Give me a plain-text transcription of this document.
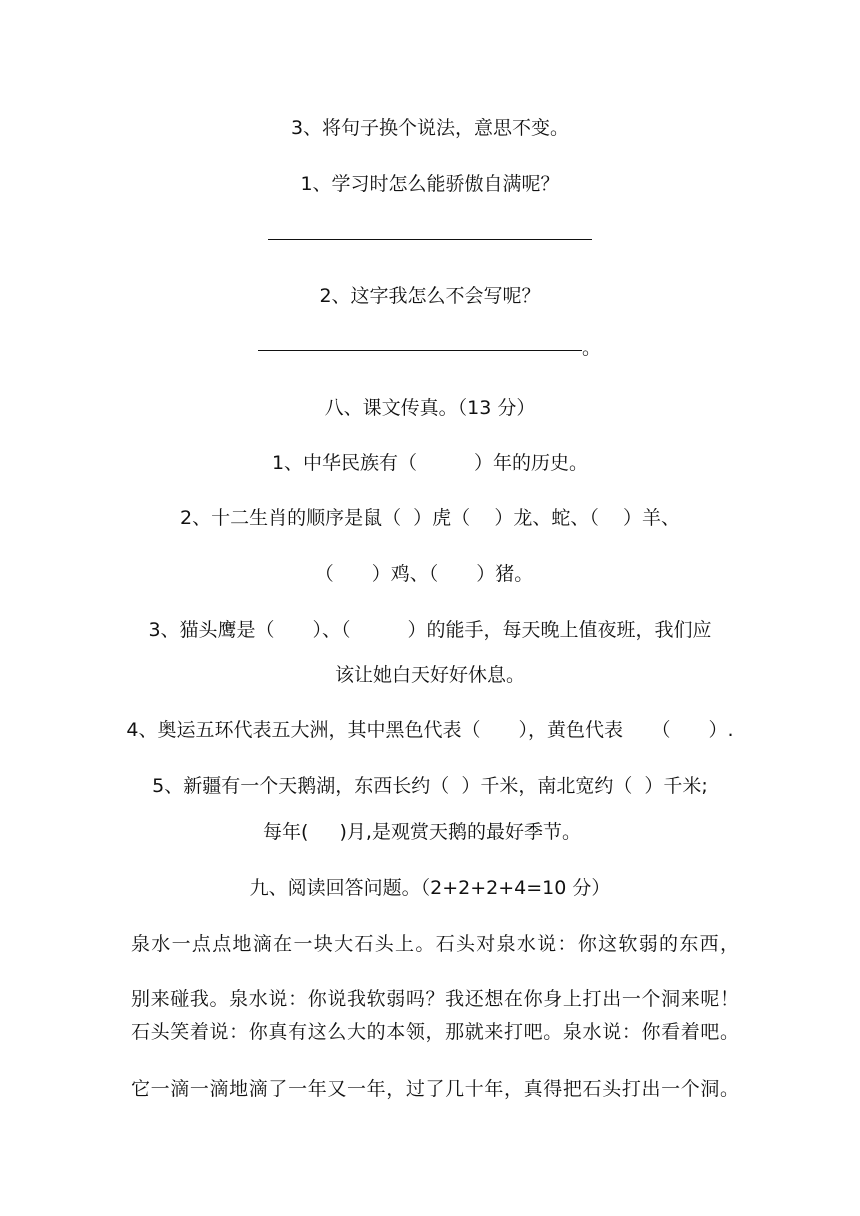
3、将句子换个说法，意思不变。
1、学习时怎么能骄傲自满呢？
2、这字我怎么不会写呢？
。
八、课文传真。（13 分）
1、中华民族有（　　　）年的历史。
2、十二生肖的顺序是鼠（  ）虎（    ）龙、蛇、（    ）羊、
（　　）鸡、（　　）猪。
3、猫头鹰是（　　）、（　　　）的能手，每天晚上值夜班，我们应
该让她白天好好休息。
4、奥运五环代表五大洲，其中黑色代表（　　），黄色代表　　（　　）.
5、新疆有一个天鹅湖，东西长约（  ）千米，南北宽约（  ）千米;
每年(　  )月,是观赏天鹅的最好季节。
九、阅读回答问题。（2+2+2+4=10 分）
泉水一点点地滴在一块大石头上。石头对泉水说：你这软弱的东西，
别来碰我。泉水说：你说我软弱吗？我还想在你身上打出一个洞来呢！
石头笑着说：你真有这么大的本领，那就来打吧。泉水说：你看着吧。
它一滴一滴地滴了一年又一年，过了几十年，真得把石头打出一个洞。
